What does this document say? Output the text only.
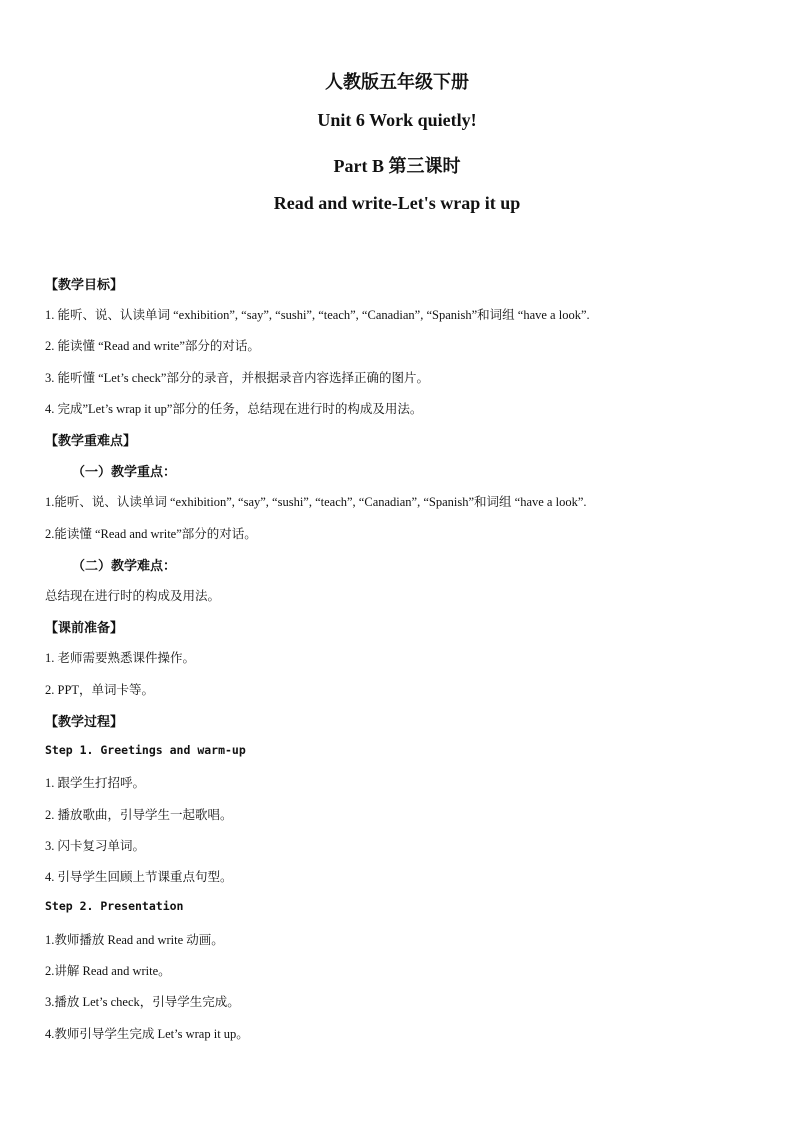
人教版五年级下册
Unit 6 Work quietly!
Part B 第三课时
Read and write-Let's wrap it up
【教学目标】
1. 能听、说、认读单词 “exhibition”, “say”, “sushi”, “teach”, “Canadian”, “Spanish”和词组 “have a look”.
2. 能读懂 “Read and write”部分的对话。
3. 能听懂 “Let’s check”部分的录音，并根据录音内容选择正确的图片。
4. 完成”Let’s wrap it up”部分的任务，总结现在进行时的构成及用法。
【教学重难点】
（一）教学重点：
1.能听、说、认读单词 “exhibition”, “say”, “sushi”, “teach”, “Canadian”, “Spanish”和词组 “have a look”.
2.能读懂 “Read and write”部分的对话。
（二）教学难点：
总结现在进行时的构成及用法。
【课前准备】
1. 老师需要熟悉课件操作。
2. PPT，单词卡等。
【教学过程】
Step 1. Greetings and warm-up
1. 跟学生打招呼。
2. 播放歌曲，引导学生一起歌唱。
3. 闪卡复习单词。
4. 引导学生回顾上节课重点句型。
Step 2. Presentation
1.教师播放 Read and write 动画。
2.讲解 Read and write。
3.播放 Let’s check，引导学生完成。
4.教师引导学生完成 Let’s wrap it up。
